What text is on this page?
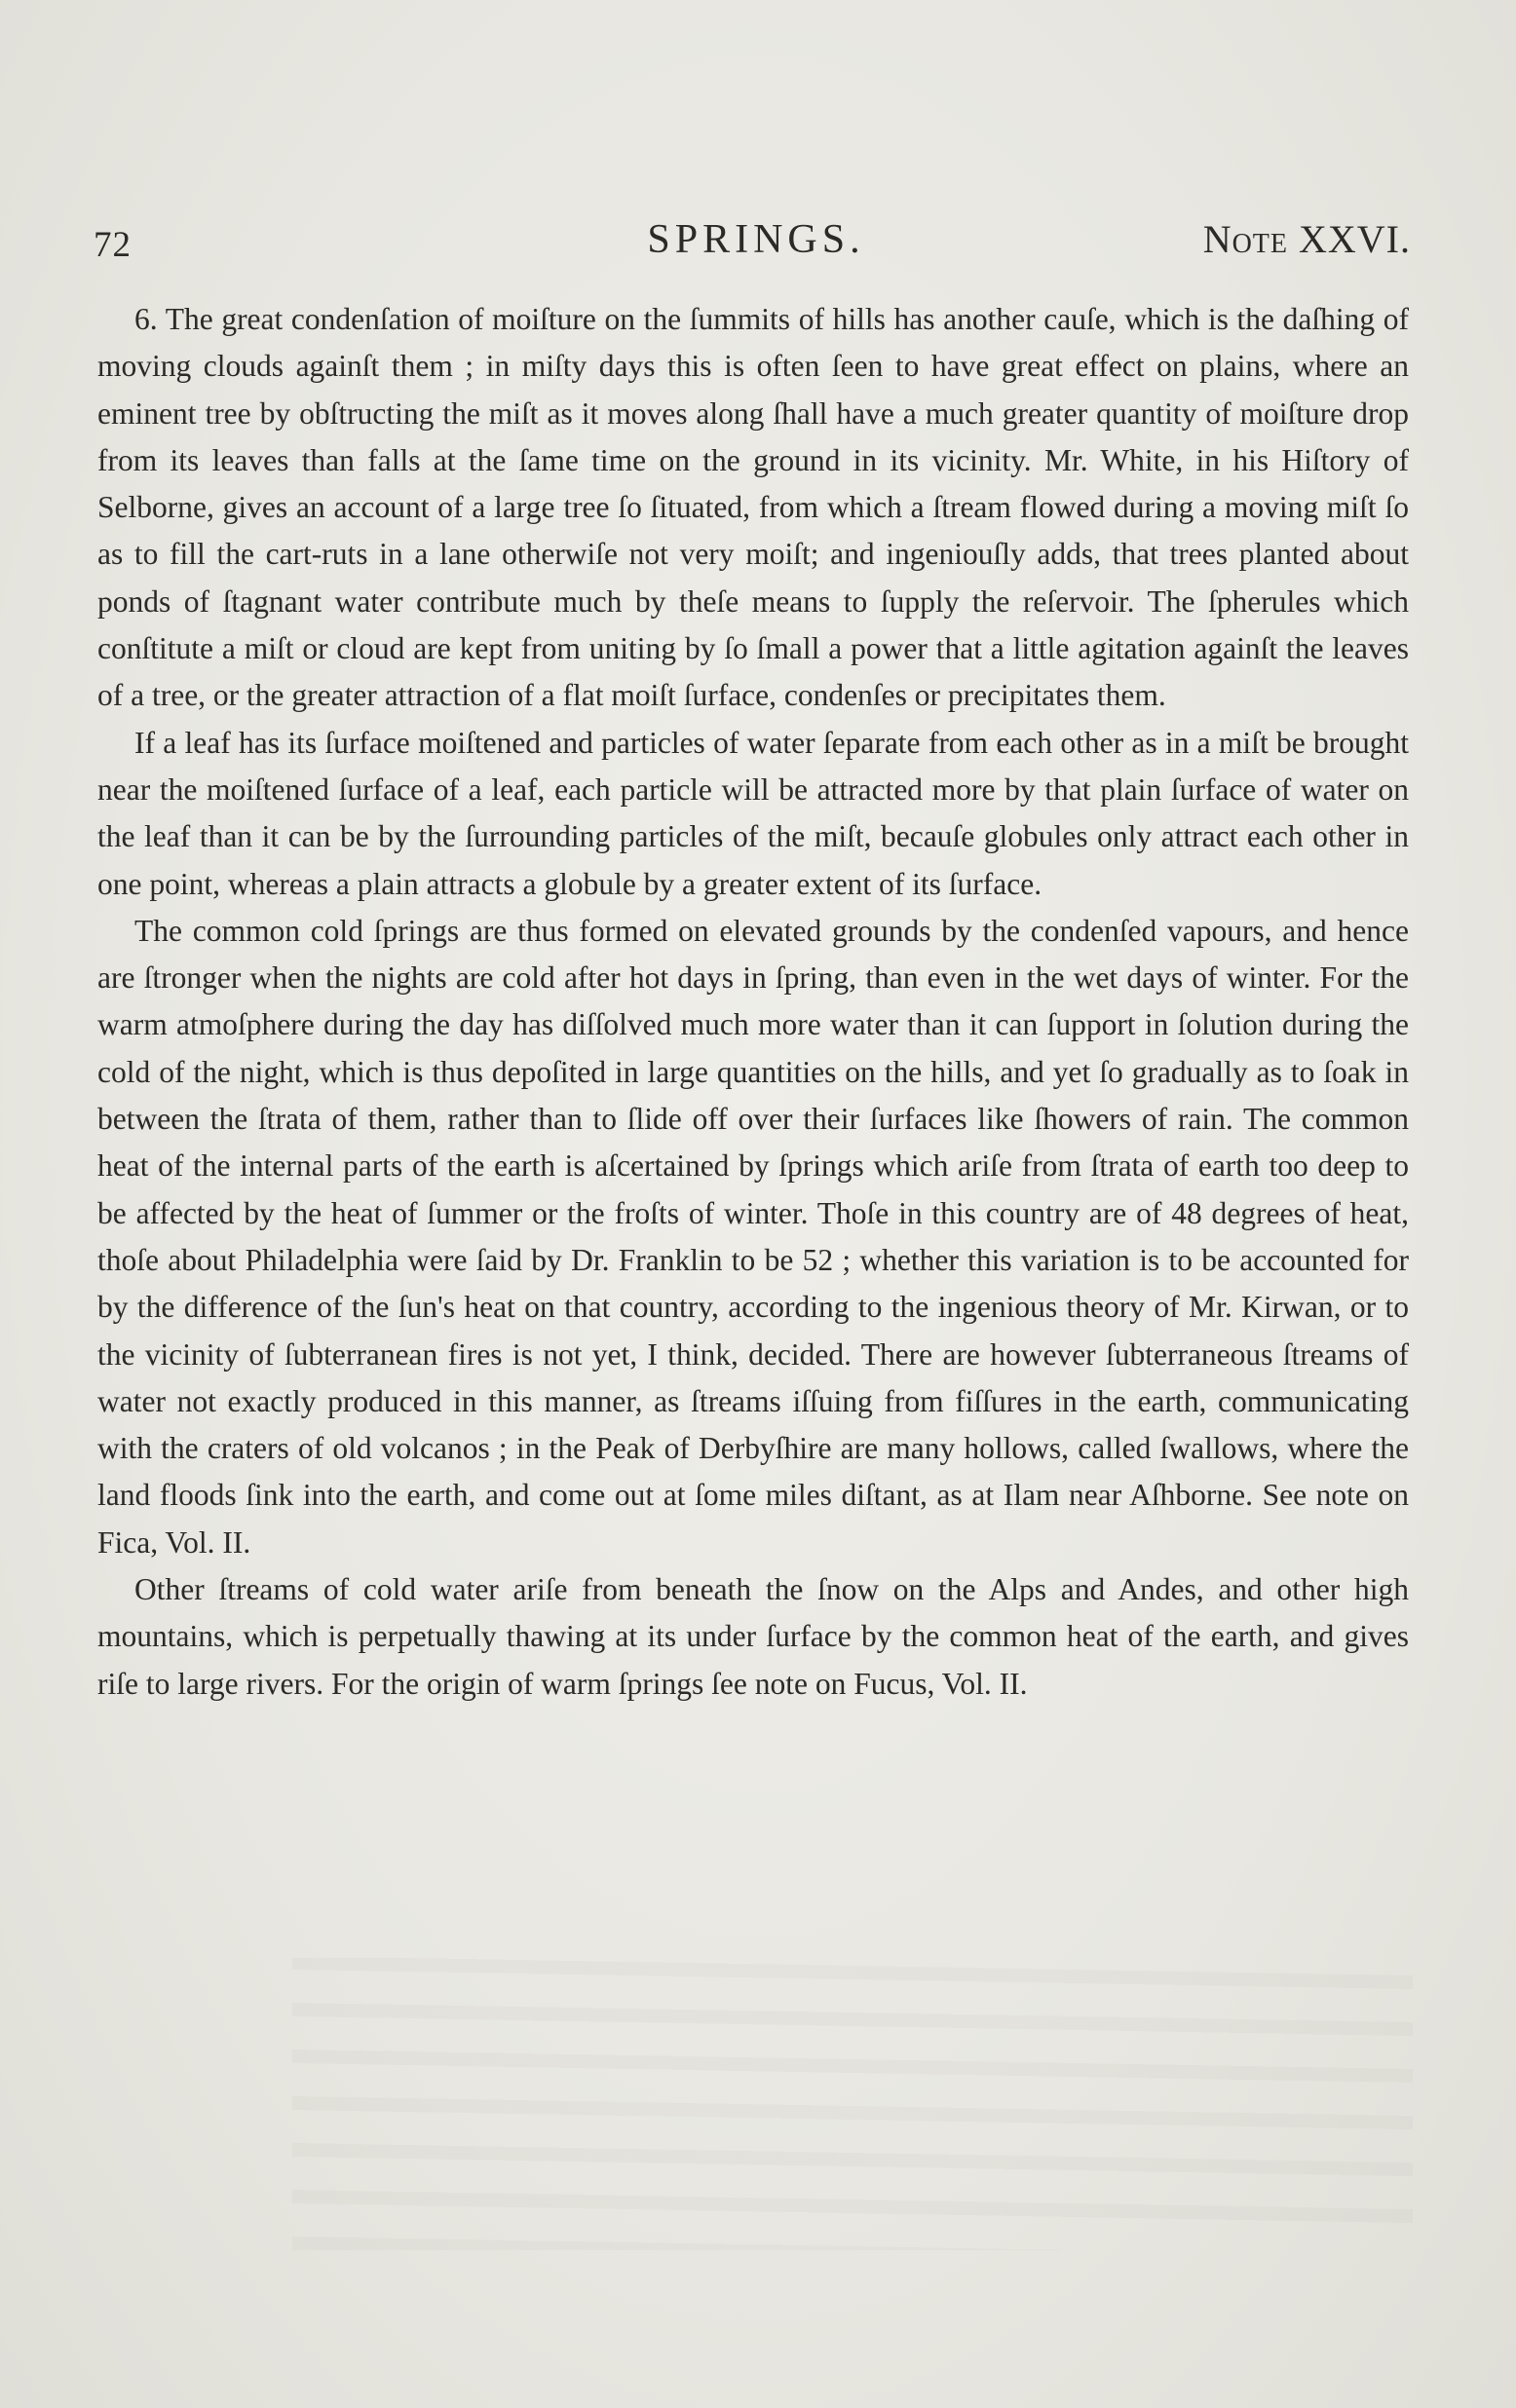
72	SPRINGS.	Note XXVI.

6. The great condenſation of moiſture on the ſummits of hills has another cauſe, which is the daſhing of moving clouds againſt them ; in miſty days this is often ſeen to have great effect on plains, where an eminent tree by obſtructing the miſt as it moves along ſhall have a much greater quantity of moiſture drop from its leaves than falls at the ſame time on the ground in its vicinity. Mr. White, in his Hiſtory of Selborne, gives an account of a large tree ſo ſituated, from which a ſtream flowed during a moving miſt ſo as to fill the cart-ruts in a lane otherwiſe not very moiſt; and ingeniouſly adds, that trees planted about ponds of ſtagnant water contribute much by theſe means to ſupply the reſervoir. The ſpherules which conſtitute a miſt or cloud are kept from uniting by ſo ſmall a power that a little agitation againſt the leaves of a tree, or the greater attraction of a flat moiſt ſurface, condenſes or precipitates them.

If a leaf has its ſurface moiſtened and particles of water ſeparate from each other as in a miſt be brought near the moiſtened ſurface of a leaf, each particle will be attracted more by that plain ſurface of water on the leaf than it can be by the ſurrounding particles of the miſt, becauſe globules only attract each other in one point, whereas a plain attracts a globule by a greater extent of its ſurface.

The common cold ſprings are thus formed on elevated grounds by the condenſed vapours, and hence are ſtronger when the nights are cold after hot days in ſpring, than even in the wet days of winter. For the warm atmoſphere during the day has diſſolved much more water than it can ſupport in ſolution during the cold of the night, which is thus depoſited in large quantities on the hills, and yet ſo gradually as to ſoak in between the ſtrata of them, rather than to ſlide off over their ſurfaces like ſhowers of rain. The common heat of the internal parts of the earth is aſcertained by ſprings which ariſe from ſtrata of earth too deep to be affected by the heat of ſummer or the froſts of winter. Thoſe in this country are of 48 degrees of heat, thoſe about Philadelphia were ſaid by Dr. Franklin to be 52 ; whether this variation is to be accounted for by the difference of the ſun's heat on that country, according to the ingenious theory of Mr. Kirwan, or to the vicinity of ſubterranean fires is not yet, I think, decided. There are however ſubterraneous ſtreams of water not exactly produced in this manner, as ſtreams iſſuing from fiſſures in the earth, communicating with the craters of old volcanos ; in the Peak of Derbyſhire are many hollows, called ſwallows, where the land floods ſink into the earth, and come out at ſome miles diſtant, as at Ilam near Aſhborne. See note on Fica, Vol. II.

Other ſtreams of cold water ariſe from beneath the ſnow on the Alps and Andes, and other high mountains, which is perpetually thawing at its under ſurface by the common heat of the earth, and gives riſe to large rivers. For the origin of warm ſprings ſee note on Fucus, Vol. II.
